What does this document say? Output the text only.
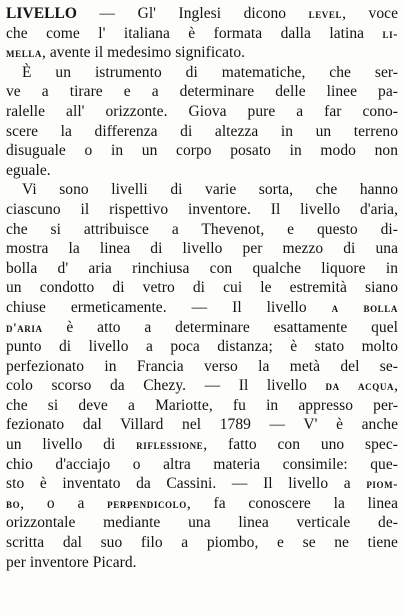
LIVELLO — Gl' Inglesi dicono level, voce
che come l' italiana è formata dalla latina li-
mella, avente il medesimo significato.
È un istrumento di matematiche, che ser-
ve a tirare e a determinare delle linee pa-
ralelle all' orizzonte. Giova pure a far cono-
scere la differenza di altezza in un terreno
disuguale o in un corpo posato in modo non
eguale.
Vi sono livelli di varie sorta, che hanno
ciascuno il rispettivo inventore. Il livello d'aria,
che si attribuisce a Thevenot, e questo di-
mostra la linea di livello per mezzo di una
bolla d' aria rinchiusa con qualche liquore in
un condotto di vetro di cui le estremità siano
chiuse ermeticamente. — Il livello a bolla
d'aria è atto a determinare esattamente quel
punto di livello a poca distanza; è stato molto
perfezionato in Francia verso la metà del se-
colo scorso da Chezy. — Il livello da acqua,
che si deve a Mariotte, fu in appresso per-
fezionato dal Villard nel 1789 — V' è anche
un livello di riflessione, fatto con uno spec-
chio d'acciajo o altra materia consimile: que-
sto è inventato da Cassini. — Il livello a piom-
bo, o a perpendicolo, fa conoscere la linea
orizzontale mediante una linea verticale de-
scritta dal suo filo a piombo, e se ne tiene
per inventore Picard.
